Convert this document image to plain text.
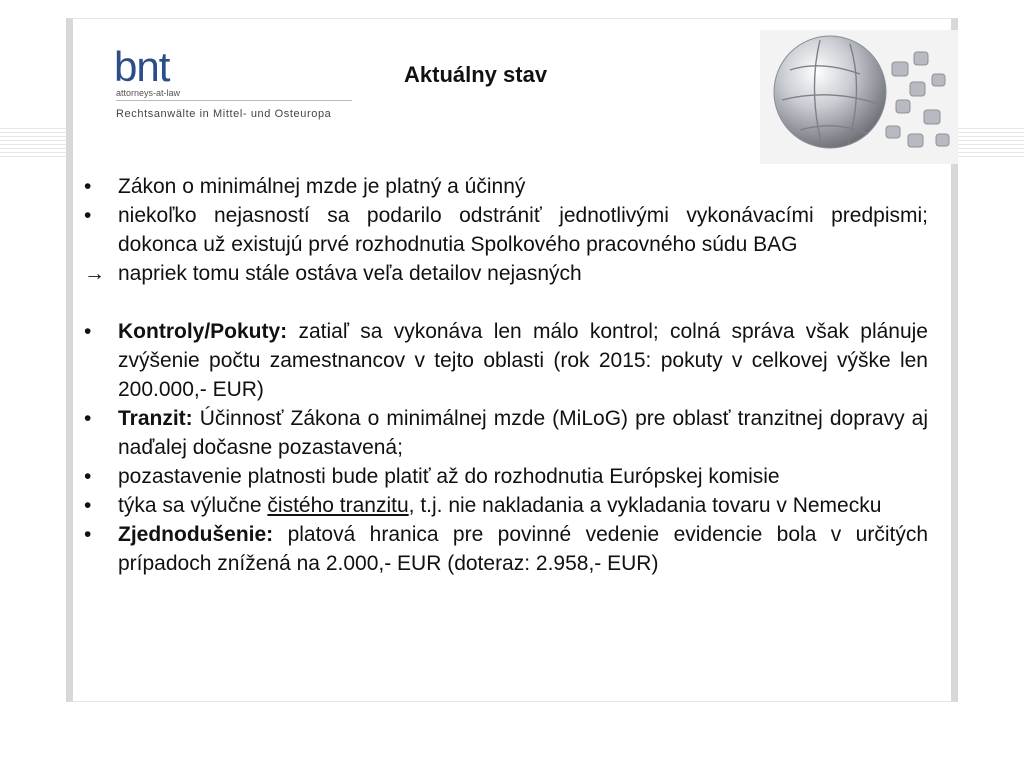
bnt
attorneys-at-law
Rechtsanwälte in Mittel- und Osteuropa
Aktuálny stav
•	Zákon o minimálnej mzde je platný a účinný
•	niekoľko nejasností sa podarilo odstrániť jednotlivými vykonávacími predpismi; dokonca už existujú prvé rozhodnutia Spolkového pracovného súdu BAG
→ napriek tomu stále ostáva veľa detailov nejasných
•	Kontroly/Pokuty: zatiaľ sa vykonáva len málo kontrol; colná správa však plánuje zvýšenie počtu zamestnancov v tejto oblasti (rok 2015: pokuty v celkovej výške len 200.000,- EUR)
•	Tranzit: Účinnosť Zákona o minimálnej mzde (MiLoG) pre oblasť tranzitnej dopravy aj naďalej dočasne pozastavená;
•	pozastavenie platnosti bude platiť až do rozhodnutia Európskej komisie
•	týka sa výlučne čistého tranzitu, t.j. nie nakladania a vykladania tovaru v Nemecku
•	Zjednodušenie: platová hranica pre povinné vedenie evidencie bola v určitých prípadoch znížená na 2.000,- EUR (doteraz: 2.958,- EUR)
